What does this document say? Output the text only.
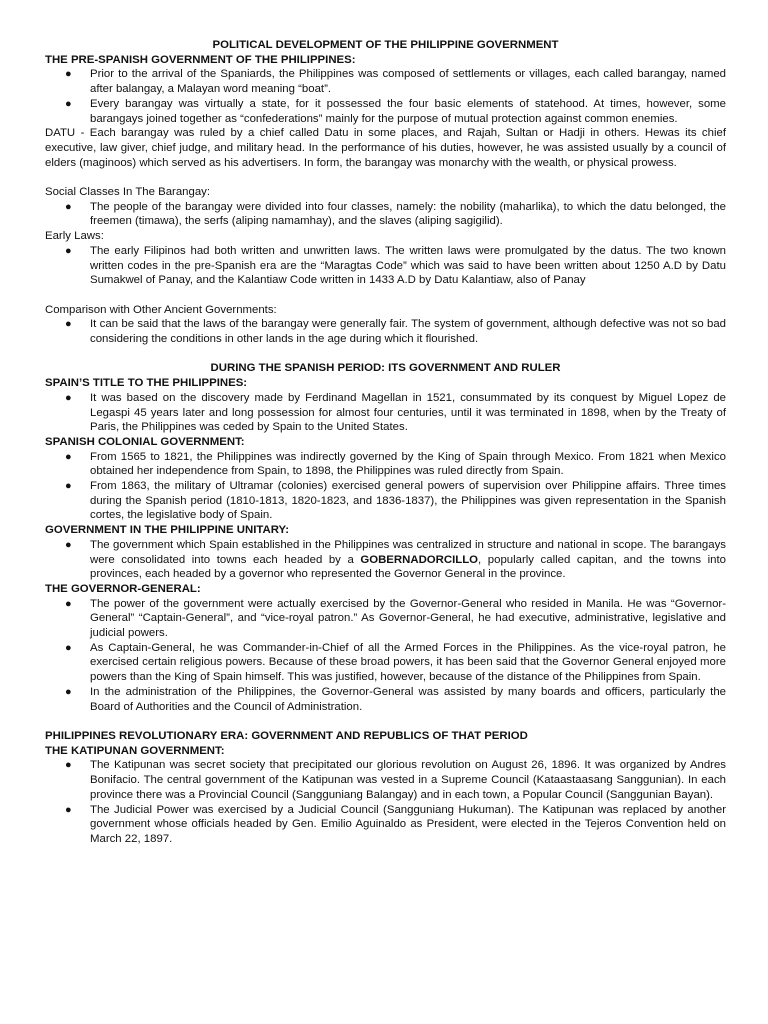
POLITICAL DEVELOPMENT OF THE PHILIPPINE GOVERNMENT

THE PRE-SPANISH GOVERNMENT OF THE PHILIPPINES:

● Prior to the arrival of the Spaniards, the Philippines was composed of settlements or villages, each called barangay, named after balangay, a Malayan word meaning “boat”.
● Every barangay was virtually a state, for it possessed the four basic elements of statehood. At times, however, some barangays joined together as “confederations” mainly for the purpose of mutual protection against common enemies.

DATU - Each barangay was ruled by a chief called Datu in some places, and Rajah, Sultan or Hadji in others. Hewas its chief executive, law giver, chief judge, and military head. In the performance of his duties, however, he was assisted usually by a council of elders (maginoos) which served as his advertisers. In form, the barangay was monarchy with the wealth, or physical prowess.

Social Classes In The Barangay:

● The people of the barangay were divided into four classes, namely: the nobility (maharlika), to which the datu belonged, the freemen (timawa), the serfs (aliping namamhay), and the slaves (aliping sagigilid).

Early Laws:

● The early Filipinos had both written and unwritten laws. The written laws were promulgated by the datus. The two known written codes in the pre-Spanish era are the “Maragtas Code” which was said to have been written about 1250 A.D by Datu Sumakwel of Panay, and the Kalantiaw Code written in 1433 A.D by Datu Kalantiaw, also of Panay

Comparison with Other Ancient Governments:

● It can be said that the laws of the barangay were generally fair. The system of government, although defective was not so bad considering the conditions in other lands in the age during which it flourished.

DURING THE SPANISH PERIOD: ITS GOVERNMENT AND RULER

SPAIN’S TITLE TO THE PHILIPPINES:

● It was based on the discovery made by Ferdinand Magellan in 1521, consummated by its conquest by Miguel Lopez de Legaspi 45 years later and long possession for almost four centuries, until it was terminated in 1898, when by the Treaty of Paris, the Philippines was ceded by Spain to the United States.

SPANISH COLONIAL GOVERNMENT:

● From 1565 to 1821, the Philippines was indirectly governed by the King of Spain through Mexico. From 1821 when Mexico obtained her independence from Spain, to 1898, the Philippines was ruled directly from Spain.
● From 1863, the military of Ultramar (colonies) exercised general powers of supervision over Philippine affairs. Three times during the Spanish period (1810-1813, 1820-1823, and 1836-1837), the Philippines was given representation in the Spanish cortes, the legislative body of Spain.

GOVERNMENT IN THE PHILIPPINE UNITARY:

● The government which Spain established in the Philippines was centralized in structure and national in scope. The barangays were consolidated into towns each headed by a GOBERNADORCILLO, popularly called capitan, and the towns into provinces, each headed by a governor who represented the Governor General in the province.

THE GOVERNOR-GENERAL:

● The power of the government were actually exercised by the Governor-General who resided in Manila. He was “Governor-General” “Captain-General”, and “vice-royal patron.” As Governor-General, he had executive, administrative, legislative and judicial powers.
● As Captain-General, he was Commander-in-Chief of all the Armed Forces in the Philippines. As the vice-royal patron, he exercised certain religious powers. Because of these broad powers, it has been said that the Governor General enjoyed more powers than the King of Spain himself. This was justified, however, because of the distance of the Philippines from Spain.
● In the administration of the Philippines, the Governor-General was assisted by many boards and officers, particularly the Board of Authorities and the Council of Administration.

PHILIPPINES REVOLUTIONARY ERA: GOVERNMENT AND REPUBLICS OF THAT PERIOD

THE KATIPUNAN GOVERNMENT:

● The Katipunan was secret society that precipitated our glorious revolution on August 26, 1896. It was organized by Andres Bonifacio. The central government of the Katipunan was vested in a Supreme Council (Kataastaasang Sanggunian). In each province there was a Provincial Council (Sangguniang Balangay) and in each town, a Popular Council (Sanggunian Bayan).
● The Judicial Power was exercised by a Judicial Council (Sangguniang Hukuman). The Katipunan was replaced by another government whose officials headed by Gen. Emilio Aguinaldo as President, were elected in the Tejeros Convention held on March 22, 1897.
